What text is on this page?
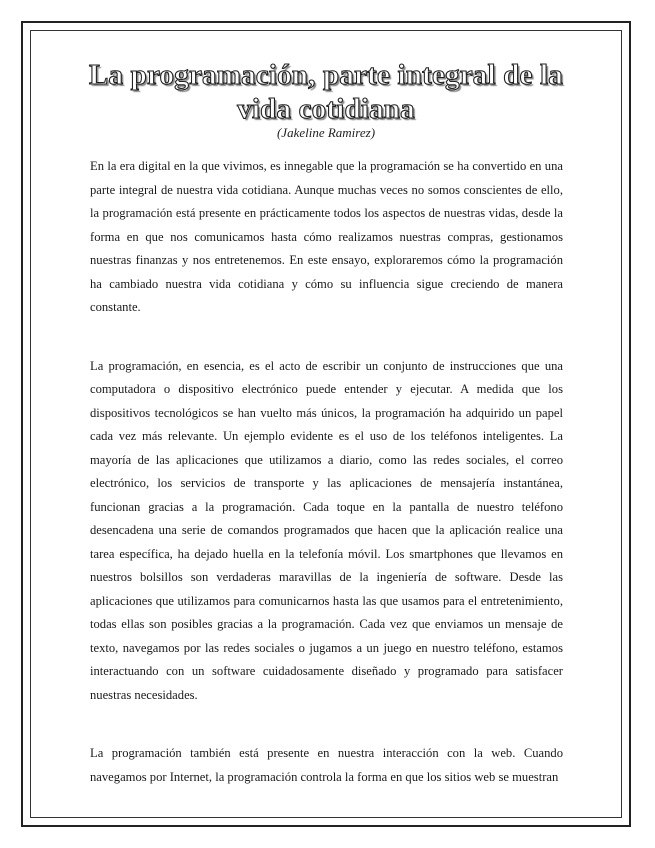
La programación, parte integral de la vida cotidiana
(Jakeline Ramirez)

En la era digital en la que vivimos, es innegable que la programación se ha convertido en una parte integral de nuestra vida cotidiana. Aunque muchas veces no somos conscientes de ello, la programación está presente en prácticamente todos los aspectos de nuestras vidas, desde la forma en que nos comunicamos hasta cómo realizamos nuestras compras, gestionamos nuestras finanzas y nos entretenemos. En este ensayo, exploraremos cómo la programación ha cambiado nuestra vida cotidiana y cómo su influencia sigue creciendo de manera constante.

La programación, en esencia, es el acto de escribir un conjunto de instrucciones que una computadora o dispositivo electrónico puede entender y ejecutar. A medida que los dispositivos tecnológicos se han vuelto más únicos, la programación ha adquirido un papel cada vez más relevante. Un ejemplo evidente es el uso de los teléfonos inteligentes. La mayoría de las aplicaciones que utilizamos a diario, como las redes sociales, el correo electrónico, los servicios de transporte y las aplicaciones de mensajería instantánea, funcionan gracias a la programación. Cada toque en la pantalla de nuestro teléfono desencadena una serie de comandos programados que hacen que la aplicación realice una tarea específica, ha dejado huella en la telefonía móvil. Los smartphones que llevamos en nuestros bolsillos son verdaderas maravillas de la ingeniería de software. Desde las aplicaciones que utilizamos para comunicarnos hasta las que usamos para el entretenimiento, todas ellas son posibles gracias a la programación. Cada vez que enviamos un mensaje de texto, navegamos por las redes sociales o jugamos a un juego en nuestro teléfono, estamos interactuando con un software cuidadosamente diseñado y programado para satisfacer nuestras necesidades.

La programación también está presente en nuestra interacción con la web. Cuando navegamos por Internet, la programación controla la forma en que los sitios web se muestran
